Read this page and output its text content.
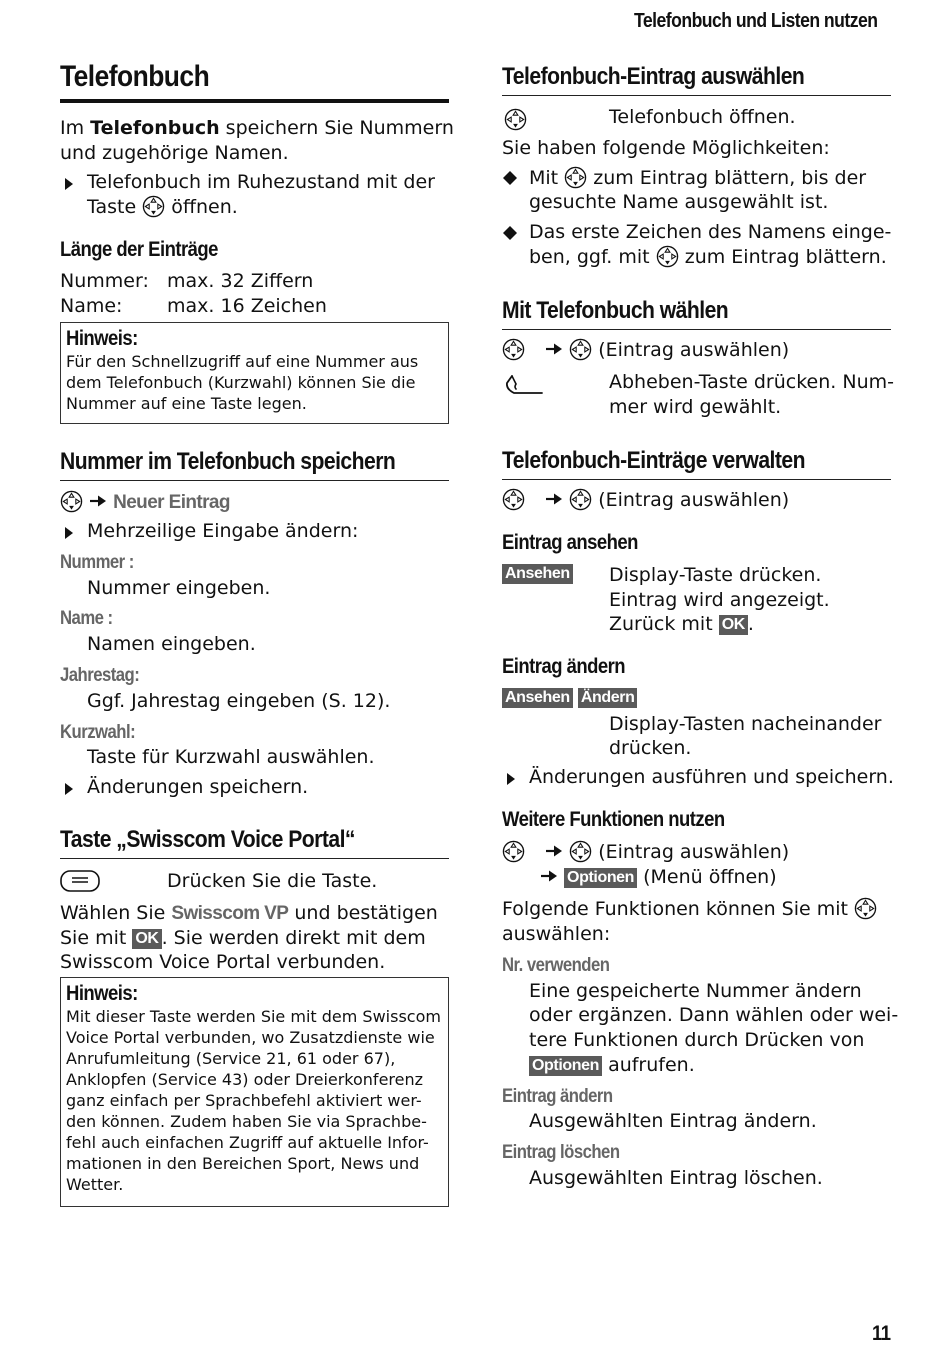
Telefonbuch und Listen nutzen
Telefonbuch
Im Telefonbuch speichern Sie Nummern
und zugehörige Namen.
Telefonbuch im Ruhezustand mit der
Taste öffnen.
Länge der Einträge
Nummer: max. 32 Ziffern
Name: max. 16 Zeichen
Hinweis:
Für den Schnellzugriff auf eine Nummer aus
dem Telefonbuch (Kurzwahl) können Sie die
Nummer auf eine Taste legen.
Nummer im Telefonbuch speichern
Neuer Eintrag
Mehrzeilige Eingabe ändern:
Nummer :
Nummer eingeben.
Name :
Namen eingeben.
Jahrestag:
Ggf. Jahrestag eingeben (S. 12).
Kurzwahl:
Taste für Kurzwahl auswählen.
Änderungen speichern.
Taste „Swisscom Voice Portal“
Drücken Sie die Taste.
Wählen Sie Swisscom VP und bestätigen
Sie mit OK . Sie werden direkt mit dem
Swisscom Voice Portal verbunden.
Hinweis:
Mit dieser Taste werden Sie mit dem Swisscom
Voice Portal verbunden, wo Zusatzdienste wie
Anrufumleitung (Service 21, 61 oder 67),
Anklopfen (Service 43) oder Dreierkonferenz
ganz einfach per Sprachbefehl aktiviert wer-
den können. Zudem haben Sie via Sprachbe-
fehl auch einfachen Zugriff auf aktuelle Infor-
mationen in den Bereichen Sport, News und
Wetter.
Telefonbuch-Eintrag auswählen
Telefonbuch öffnen.
Sie haben folgende Möglichkeiten:
Mit zum Eintrag blättern, bis der
gesuchte Name ausgewählt ist.
Das erste Zeichen des Namens einge-
ben, ggf. mit zum Eintrag blättern.
Mit Telefonbuch wählen
(Eintrag auswählen)
Abheben-Taste drücken. Num-
mer wird gewählt.
Telefonbuch-Einträge verwalten
(Eintrag auswählen)
Eintrag ansehen
Ansehen Display-Taste drücken.
Eintrag wird angezeigt.
Zurück mit OK .
Eintrag ändern
Ansehen Ändern
Display-Tasten nacheinander
drücken.
Änderungen ausführen und speichern.
Weitere Funktionen nutzen
(Eintrag auswählen)
Optionen (Menü öffnen)
Folgende Funktionen können Sie mit
auswählen:
Nr. verwenden
Eine gespeicherte Nummer ändern
oder ergänzen. Dann wählen oder wei-
tere Funktionen durch Drücken von
Optionen aufrufen.
Eintrag ändern
Ausgewählten Eintrag ändern.
Eintrag löschen
Ausgewählten Eintrag löschen.
11
